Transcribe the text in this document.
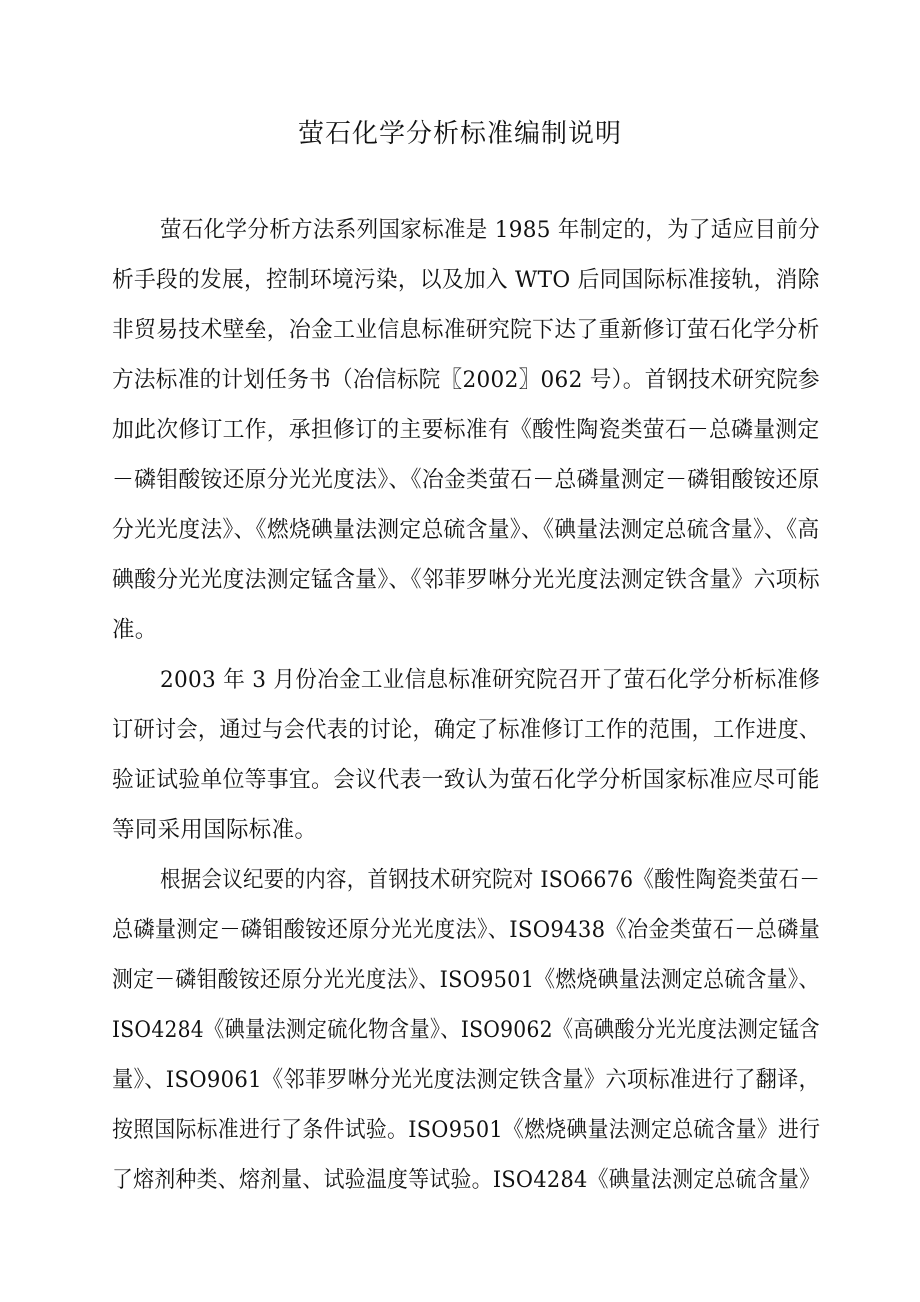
萤石化学分析标准编制说明
萤石化学分析方法系列国家标准是 1985 年制定的，为了适应目前分
析手段的发展，控制环境污染，以及加入 WTO 后同国际标准接轨，消除
非贸易技术壁垒，冶金工业信息标准研究院下达了重新修订萤石化学分析
方法标准的计划任务书（冶信标院〖2002〗062 号）。首钢技术研究院参
加此次修订工作，承担修订的主要标准有《酸性陶瓷类萤石－总磷量测定
－磷钼酸铵还原分光光度法》、《冶金类萤石－总磷量测定－磷钼酸铵还原
分光光度法》、《燃烧碘量法测定总硫含量》、《碘量法测定总硫含量》、《高
碘酸分光光度法测定锰含量》、《邻菲罗啉分光光度法测定铁含量》六项标
准。
2003 年 3 月份冶金工业信息标准研究院召开了萤石化学分析标准修
订研讨会，通过与会代表的讨论，确定了标准修订工作的范围，工作进度、
验证试验单位等事宜。会议代表一致认为萤石化学分析国家标准应尽可能
等同采用国际标准。
根据会议纪要的内容，首钢技术研究院对 ISO6676《酸性陶瓷类萤石－
总磷量测定－磷钼酸铵还原分光光度法》、ISO9438《冶金类萤石－总磷量
测定－磷钼酸铵还原分光光度法》、ISO9501《燃烧碘量法测定总硫含量》、
ISO4284《碘量法测定硫化物含量》、ISO9062《高碘酸分光光度法测定锰含
量》、ISO9061《邻菲罗啉分光光度法测定铁含量》六项标准进行了翻译，
按照国际标准进行了条件试验。ISO9501《燃烧碘量法测定总硫含量》进行
了熔剂种类、熔剂量、试验温度等试验。ISO4284《碘量法测定总硫含量》
